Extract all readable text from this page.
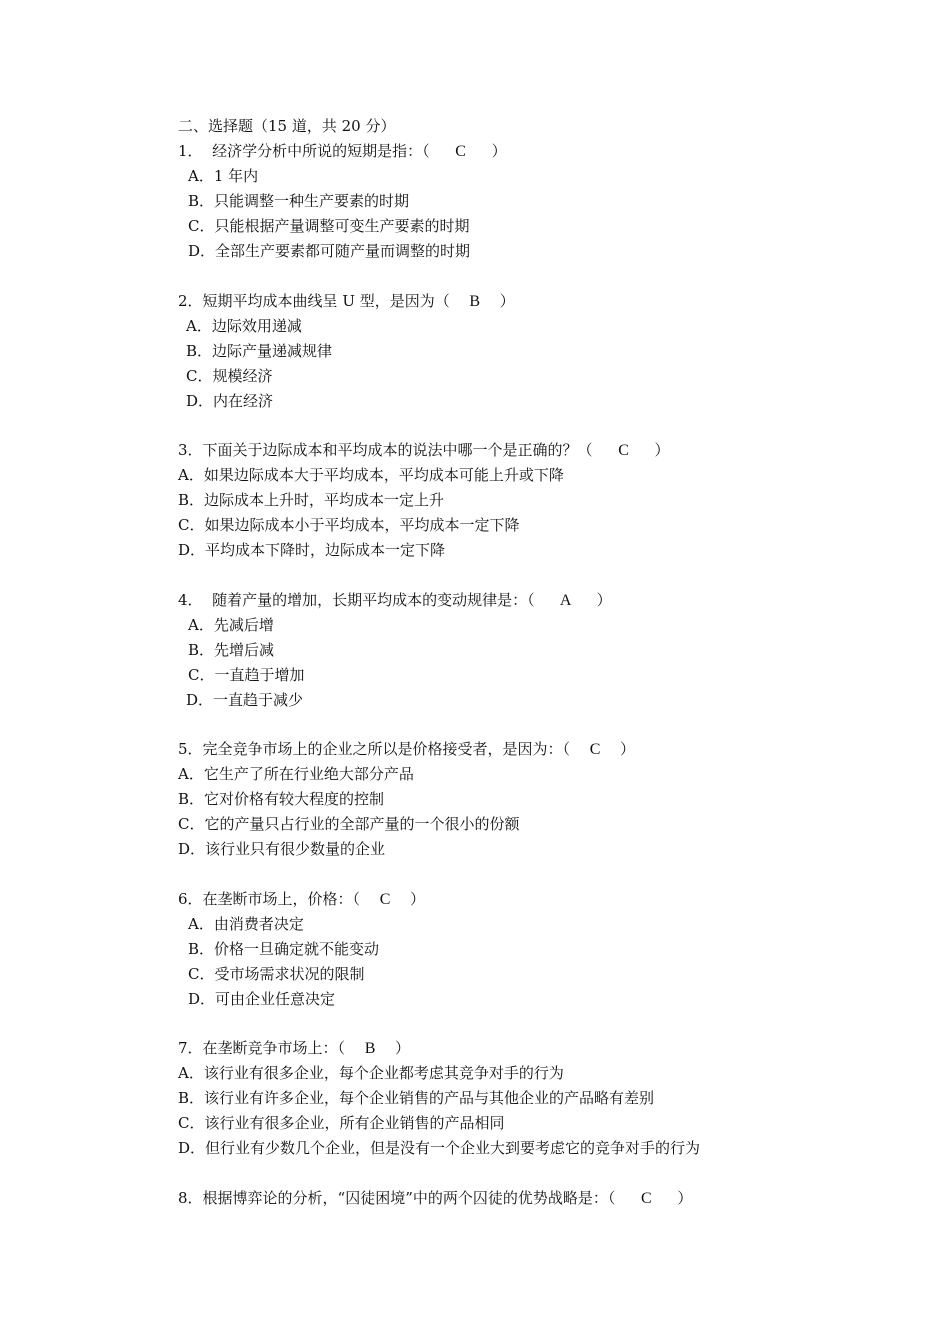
二、选择题（15 道，共 20 分）
1．  经济学分析中所说的短期是指：（ C ）
A．1 年内
B．只能调整一种生产要素的时期
C．只能根据产量调整可变生产要素的时期
D．全部生产要素都可随产量而调整的时期
2．短期平均成本曲线呈 U 型，是因为（ B ）
A．边际效用递减
B．边际产量递减规律
C．规模经济
D．内在经济
3．下面关于边际成本和平均成本的说法中哪一个是正确的？（ C ）
A．如果边际成本大于平均成本，平均成本可能上升或下降
B．边际成本上升时，平均成本一定上升
C．如果边际成本小于平均成本，平均成本一定下降
D．平均成本下降时，边际成本一定下降
4．  随着产量的增加，长期平均成本的变动规律是：（ A ）
A．先减后增
B．先增后减
C．一直趋于增加
D．一直趋于减少
5．完全竞争市场上的企业之所以是价格接受者，是因为：（ C ）
A．它生产了所在行业绝大部分产品
B．它对价格有较大程度的控制
C．它的产量只占行业的全部产量的一个很小的份额
D．该行业只有很少数量的企业
6．在垄断市场上，价格：（ C ）
A．由消费者决定
B．价格一旦确定就不能变动
C．受市场需求状况的限制
D．可由企业任意决定
7．在垄断竞争市场上：（ B ）
A．该行业有很多企业，每个企业都考虑其竞争对手的行为
B．该行业有许多企业，每个企业销售的产品与其他企业的产品略有差别
C．该行业有很多企业，所有企业销售的产品相同
D．但行业有少数几个企业，但是没有一个企业大到要考虑它的竞争对手的行为
8．根据博弈论的分析，“囚徒困境”中的两个囚徒的优势战略是：（ C ）
